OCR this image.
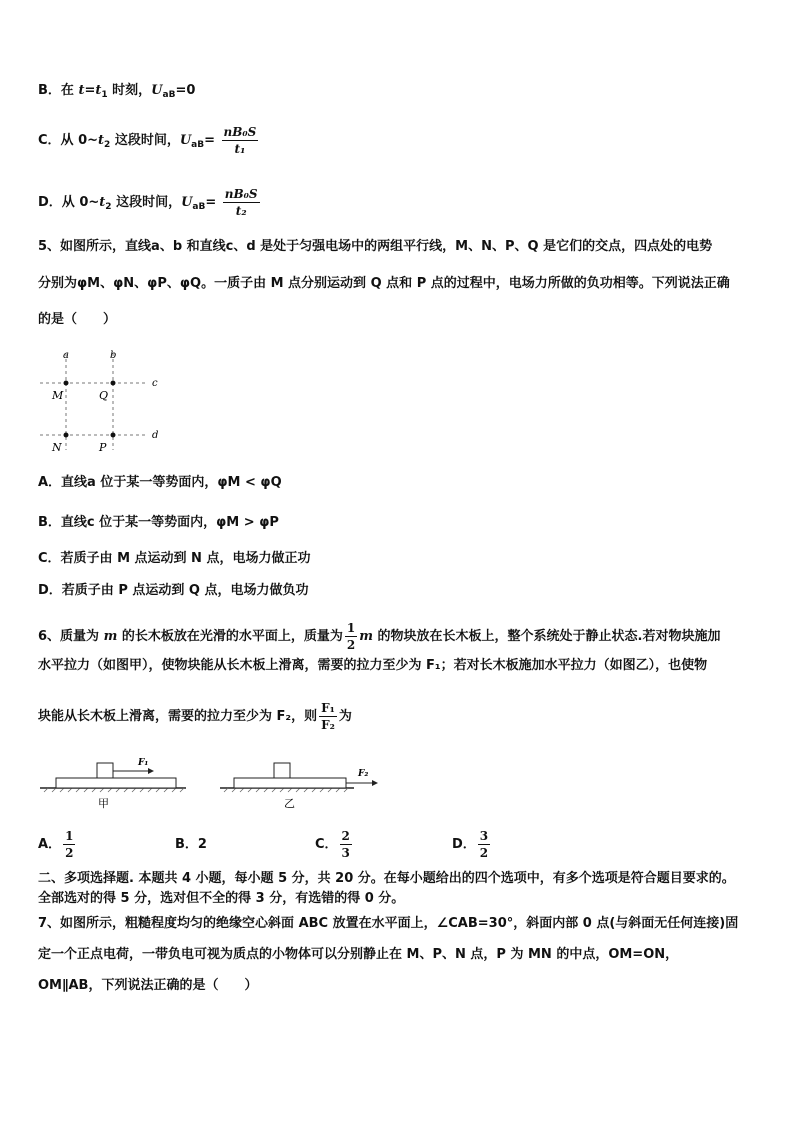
B．在 $t=t_1$ 时刻，$U_{aB}=0$
C．从 $0\sim t_2$ 这段时间，$U_{aB}= \frac{\text{nB₀S}}{\text{t₁}}$
D．从 $0\sim t_2$ 这段时间，$U_{aB}= \frac{\text{nB₀S}}{\text{t₂}}$
5、如图所示，直线a、b 和直线c、d 是处于匀强电场中的两组平行线，M、N、P、Q 是它们的交点，四点处的电势
分别为φM、φN、φP、φQ。一质子由 M 点分别运动到 Q 点和 P 点的过程中，电场力所做的负功相等。下列说法正确
的是（　　）
a	b
c
d
M	Q
N	P
A．直线a 位于某一等势面内，φM < φQ
B．直线c 位于某一等势面内，φM > φP
C．若质子由 M 点运动到 N 点，电场力做正功
D．若质子由 P 点运动到 Q 点，电场力做负功
6、质量为 m 的长木板放在光滑的水平面上，质量为 $\frac{1}{2}$ m 的物块放在长木板上，整个系统处于静止状态.若对物块施加
水平拉力（如图甲），使物块能从长木板上滑离，需要的拉力至少为 F₁；若对长木板施加水平拉力（如图乙），也使物
块能从长木板上滑离，需要的拉力至少为 F₂，则 $\frac{\text{F₁}}{\text{F₂}}$ 为
F₁
甲
F₂
乙
A． $\frac{1}{2}$	B．2	C． $\frac{2}{3}$	D． $\frac{3}{2}$
二、多项选择题. 本题共 4 小题，每小题 5 分，共 20 分。在每小题给出的四个选项中，有多个选项是符合题目要求的。
全部选对的得 5 分，选对但不全的得 3 分，有选错的得 0 分。
7、如图所示，粗糙程度均匀的绝缘空心斜面 ABC 放置在水平面上，∠CAB=30°，斜面内部 0 点(与斜面无任何连接)固
定一个正点电荷，一带负电可视为质点的小物体可以分别静止在 M、P、N 点，P 为 MN 的中点，OM=ON，
OM∥AB，下列说法正确的是（　　）
